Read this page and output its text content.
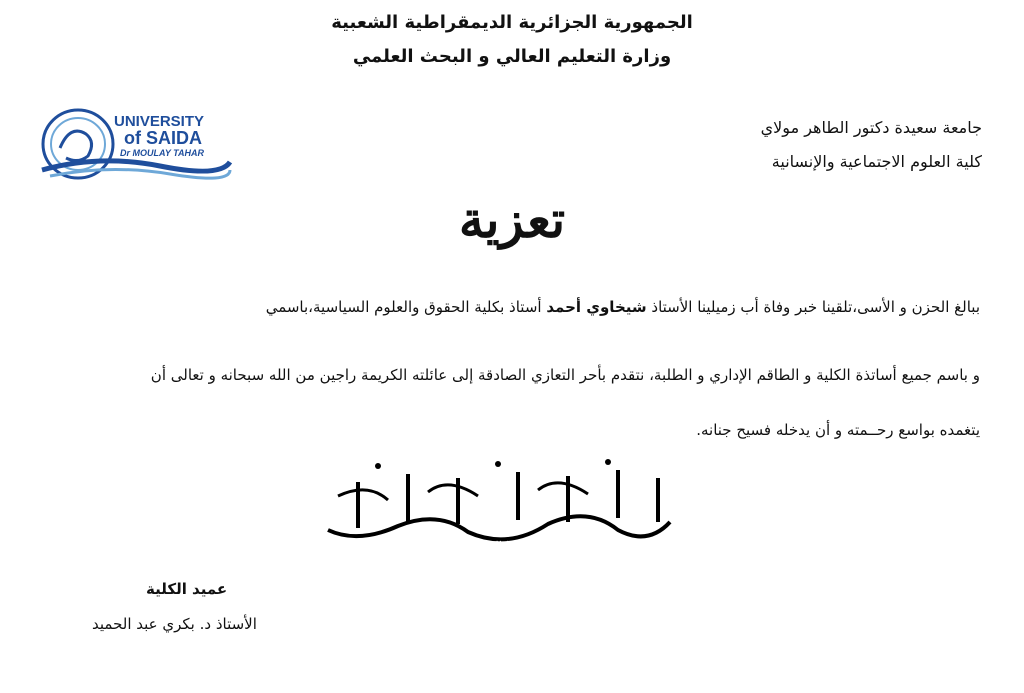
الجمهورية الجزائرية الديمقراطية الشعبية
وزارة التعليم العالي و البحث العلمي
جامعة سعيدة دكتور الطاهر مولاي
كلية العلوم الاجتماعية والإنسانية
UNIVERSITY
of SAIDA
Dr MOULAY TAHAR
تعزية
ببالغ الحزن و الأسى،تلقينا خبر وفاة أب زميلينا الأستاذ شيخاوي أحمد أستاذ بكلية الحقوق والعلوم السياسية،باسمي
و باسم جميع أساتذة الكلية و الطاقم الإداري و الطلبة، نتقدم بأحر التعازي الصادقة إلى عائلته الكريمة راجين من الله سبحانه و تعالى أن
يتغمده بواسع رحــمته و أن يدخله فسيح جنانه.
إنا لله وإنا إليه راجعون
عميد الكلية
الأستاذ د. بكري عبد الحميد
